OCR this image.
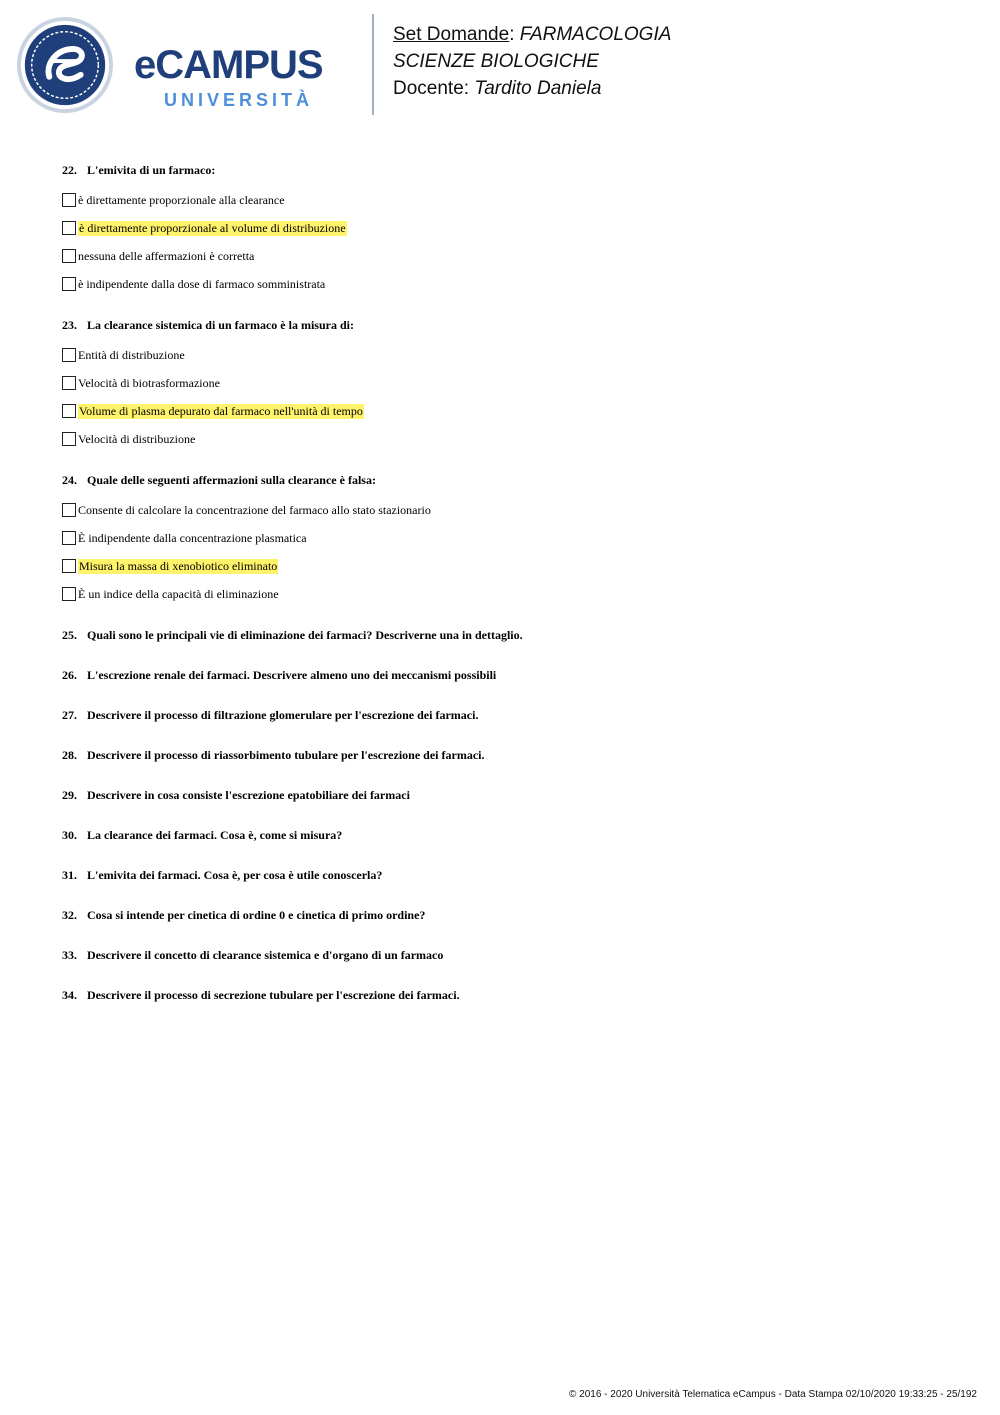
eCAMPUS
UNIVERSITÀ
Set Domande: FARMACOLOGIA
SCIENZE BIOLOGICHE
Docente: Tardito Daniela
22. L'emivita di un farmaco:
è direttamente proporzionale alla clearance
è direttamente proporzionale al volume di distribuzione
nessuna delle affermazioni è corretta
è indipendente dalla dose di farmaco somministrata
23. La clearance sistemica di un farmaco è la misura di:
Entità di distribuzione
Velocità di biotrasformazione
Volume di plasma depurato dal farmaco nell'unità di tempo
Velocità di distribuzione
24. Quale delle seguenti affermazioni sulla clearance è falsa:
Consente di calcolare la concentrazione del farmaco allo stato stazionario
È indipendente dalla concentrazione plasmatica
Misura la massa di xenobiotico eliminato
È un indice della capacità di eliminazione
25. Quali sono le principali vie di eliminazione dei farmaci? Descriverne una in dettaglio.
26. L'escrezione renale dei farmaci. Descrivere almeno uno dei meccanismi possibili
27. Descrivere il processo di filtrazione glomerulare per l'escrezione dei farmaci.
28. Descrivere il processo di riassorbimento tubulare per l'escrezione dei farmaci.
29. Descrivere in cosa consiste l'escrezione epatobiliare dei farmaci
30. La clearance dei farmaci. Cosa è, come si misura?
31. L'emivita dei farmaci. Cosa è, per cosa è utile conoscerla?
32. Cosa si intende per cinetica di ordine 0 e cinetica di primo ordine?
33. Descrivere il concetto di clearance sistemica e d'organo di un farmaco
34. Descrivere il processo di secrezione tubulare per l'escrezione dei farmaci.
© 2016 - 2020 Università Telematica eCampus - Data Stampa 02/10/2020 19:33:25 - 25/192
